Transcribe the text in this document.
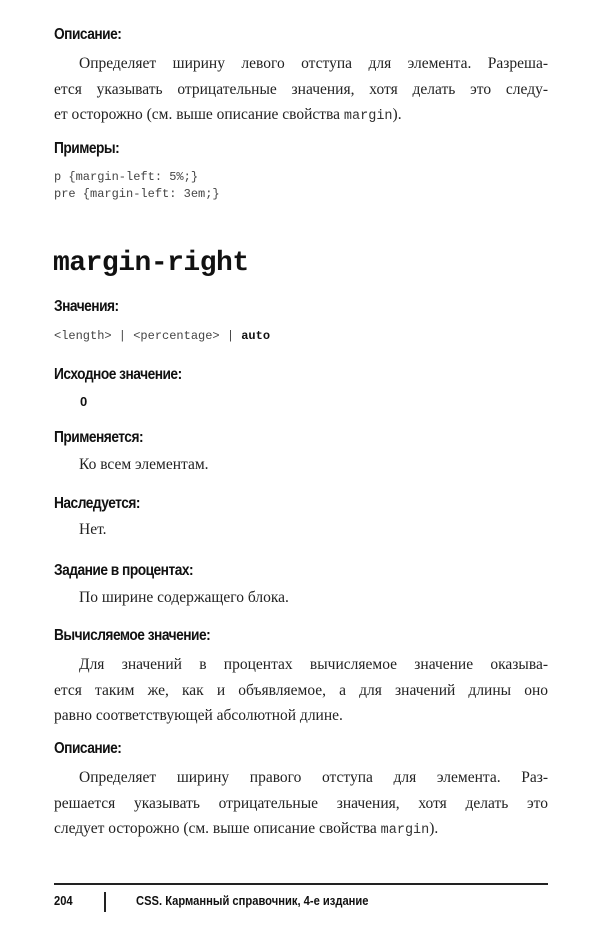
Описание:
Определяет ширину левого отступа для элемента. Разреша-
ется указывать отрицательные значения, хотя делать это следу-
ет осторожно (см. выше описание свойства margin).
Примеры:
p {margin-left: 5%;}
pre {margin-left: 3em;}
margin-right
Значения:
<length> | <percentage> | auto
Исходное значение:
0
Применяется:
Ко всем элементам.
Наследуется:
Нет.
Задание в процентах:
По ширине содержащего блока.
Вычисляемое значение:
Для значений в процентах вычисляемое значение оказыва-
ется таким же, как и объявляемое, а для значений длины оно
равно соответствующей абсолютной длине.
Описание:
Определяет ширину правого отступа для элемента. Раз-
решается указывать отрицательные значения, хотя делать это
следует осторожно (см. выше описание свойства margin).
204	CSS. Карманный справочник, 4-е издание
